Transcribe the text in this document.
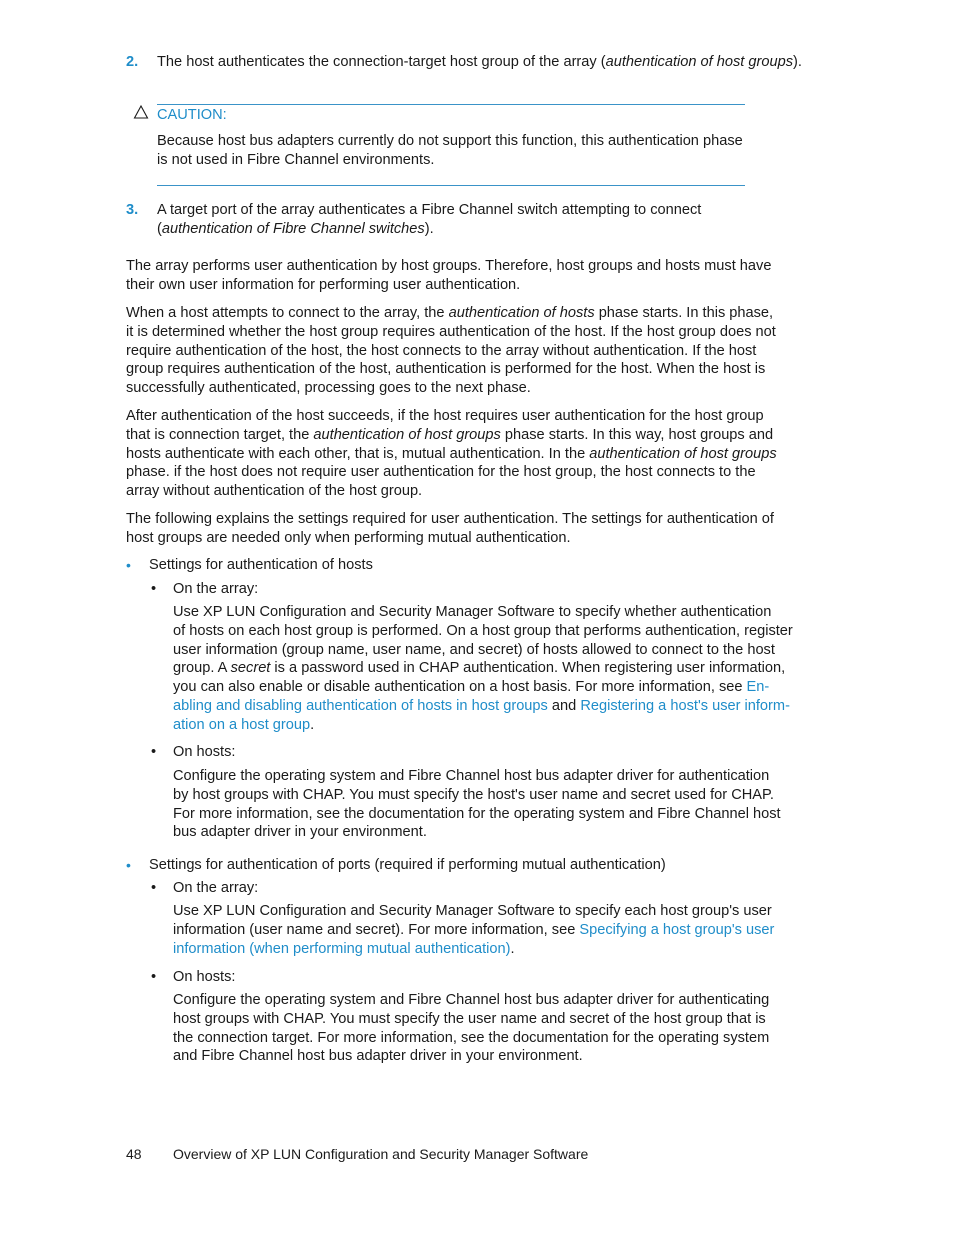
2. The host authenticates the connection-target host group of the array (authentication of host groups).
CAUTION:

Because host bus adapters currently do not support this function, this authentication phase

is not used in Fibre Channel environments.

3. A target port of the array authenticates a Fibre Channel switch attempting to connect

(authentication of Fibre Channel switches).

The array performs user authentication by host groups. Therefore, host groups and hosts must have

their own user information for performing user authentication.

When a host attempts to connect to the array, the authentication of hosts phase starts. In this phase,

it is determined whether the host group requires authentication of the host. If the host group does not

require authentication of the host, the host connects to the array without authentication. If the host

group requires authentication of the host, authentication is performed for the host. When the host is

successfully authenticated, processing goes to the next phase.

After authentication of the host succeeds, if the host requires user authentication for the host group

that is connection target, the authentication of host groups phase starts. In this way, host groups and

hosts authenticate with each other, that is, mutual authentication. In the authentication of host groups

phase. if the host does not require user authentication for the host group, the host connects to the

array without authentication of the host group.

The following explains the settings required for user authentication. The settings for authentication of

host groups are needed only when performing mutual authentication.

• Settings for authentication of hosts
• On the array:

Use XP LUN Configuration and Security Manager Software to specify whether authentication

of hosts on each host group is performed. On a host group that performs authentication, register

user information (group name, user name, and secret) of hosts allowed to connect to the host

group. A secret is a password used in CHAP authentication. When registering user information,

you can also enable or disable authentication on a host basis. For more information, see En-

abling and disabling authentication of hosts in host groups and Registering a host's user inform-

ation on a host group.

• On hosts:

Configure the operating system and Fibre Channel host bus adapter driver for authentication

by host groups with CHAP. You must specify the host's user name and secret used for CHAP.

For more information, see the documentation for the operating system and Fibre Channel host

bus adapter driver in your environment.

• Settings for authentication of ports (required if performing mutual authentication)
• On the array:

Use XP LUN Configuration and Security Manager Software to specify each host group's user

information (user name and secret). For more information, see Specifying a host group's user

information (when performing mutual authentication).

• On hosts:

Configure the operating system and Fibre Channel host bus adapter driver for authenticating

host groups with CHAP. You must specify the user name and secret of the host group that is

the connection target. For more information, see the documentation for the operating system

and Fibre Channel host bus adapter driver in your environment.

48 Overview of XP LUN Configuration and Security Manager Software
